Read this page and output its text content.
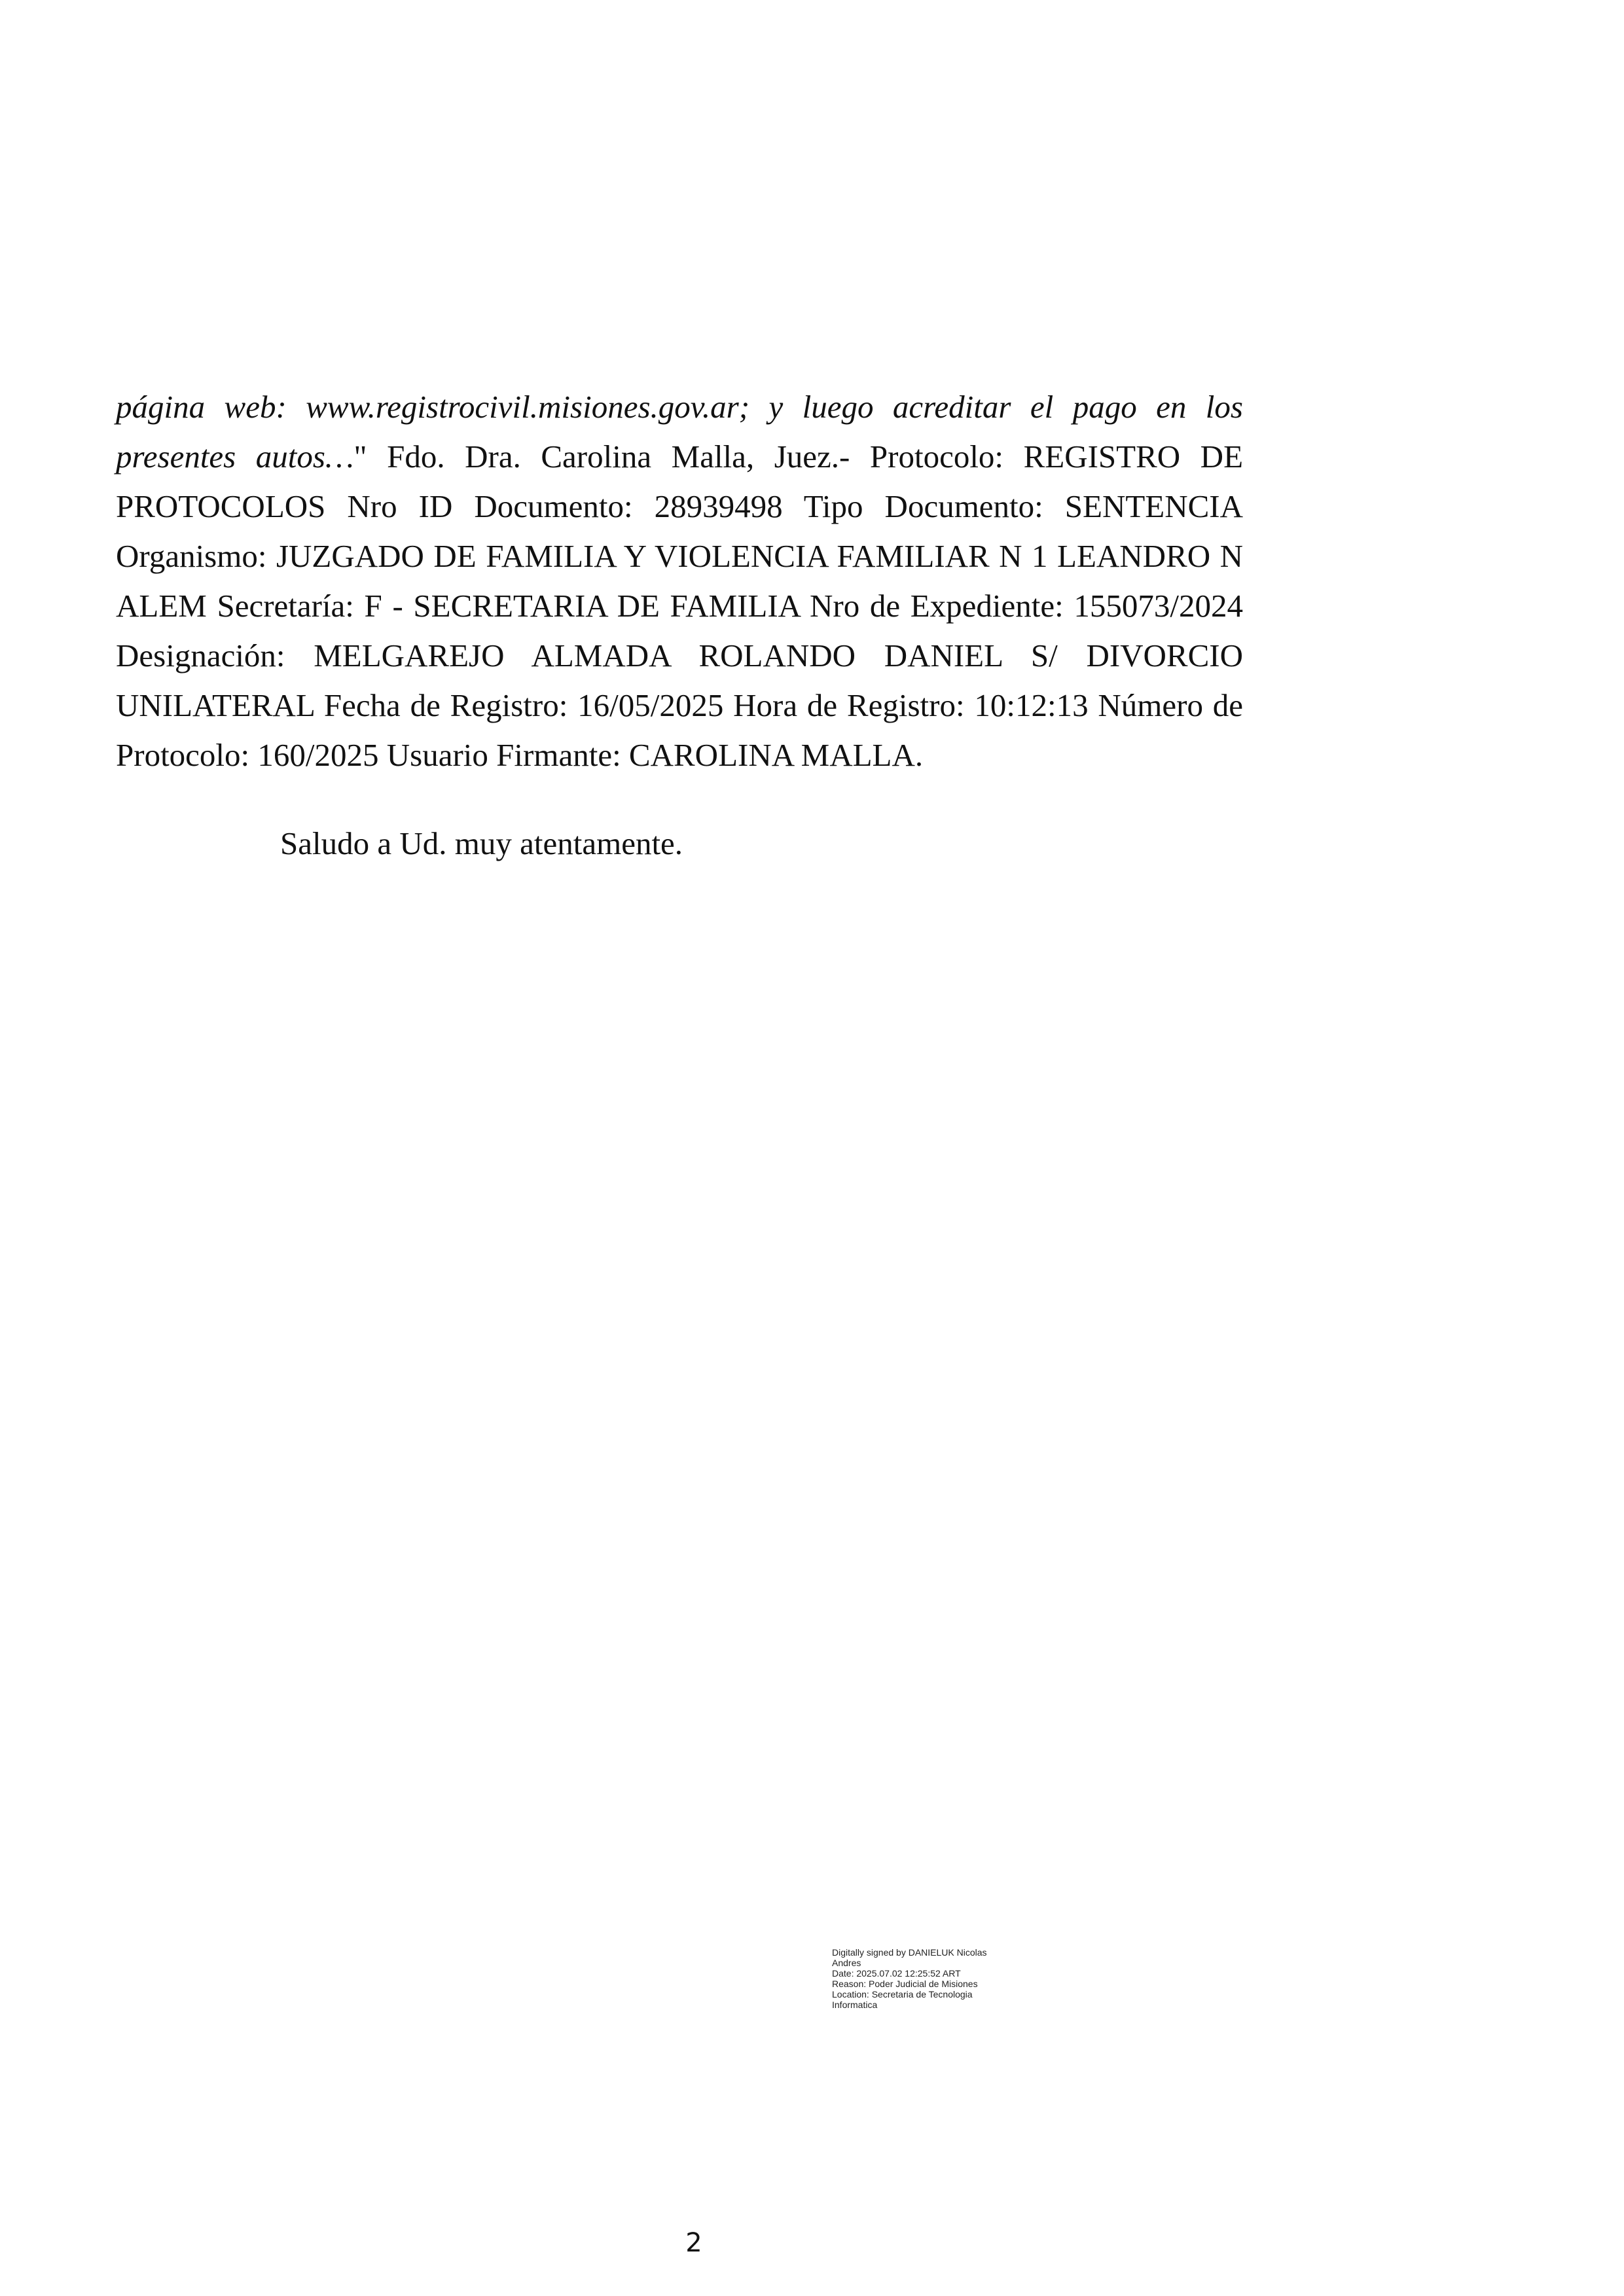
página web: www.registrocivil.misiones.gov.ar; y luego acreditar el pago en los presentes autos…" Fdo. Dra. Carolina Malla, Juez.- Protocolo: REGISTRO DE PROTOCOLOS Nro ID Documento: 28939498 Tipo Documento: SENTENCIA Organismo: JUZGADO DE FAMILIA Y VIOLENCIA FAMILIAR N 1 LEANDRO N ALEM Secretaría: F - SECRETARIA DE FAMILIA Nro de Expediente: 155073/2024 Designación: MELGAREJO ALMADA ROLANDO DANIEL S/ DIVORCIO UNILATERAL Fecha de Registro: 16/05/2025 Hora de Registro: 10:12:13 Número de Protocolo: 160/2025 Usuario Firmante: CAROLINA MALLA.

Saludo a Ud. muy atentamente.

Digitally signed by DANIELUK Nicolas
Andres
Date: 2025.07.02 12:25:52 ART
Reason: Poder Judicial de Misiones
Location: Secretaria de Tecnologia
Informatica
2
